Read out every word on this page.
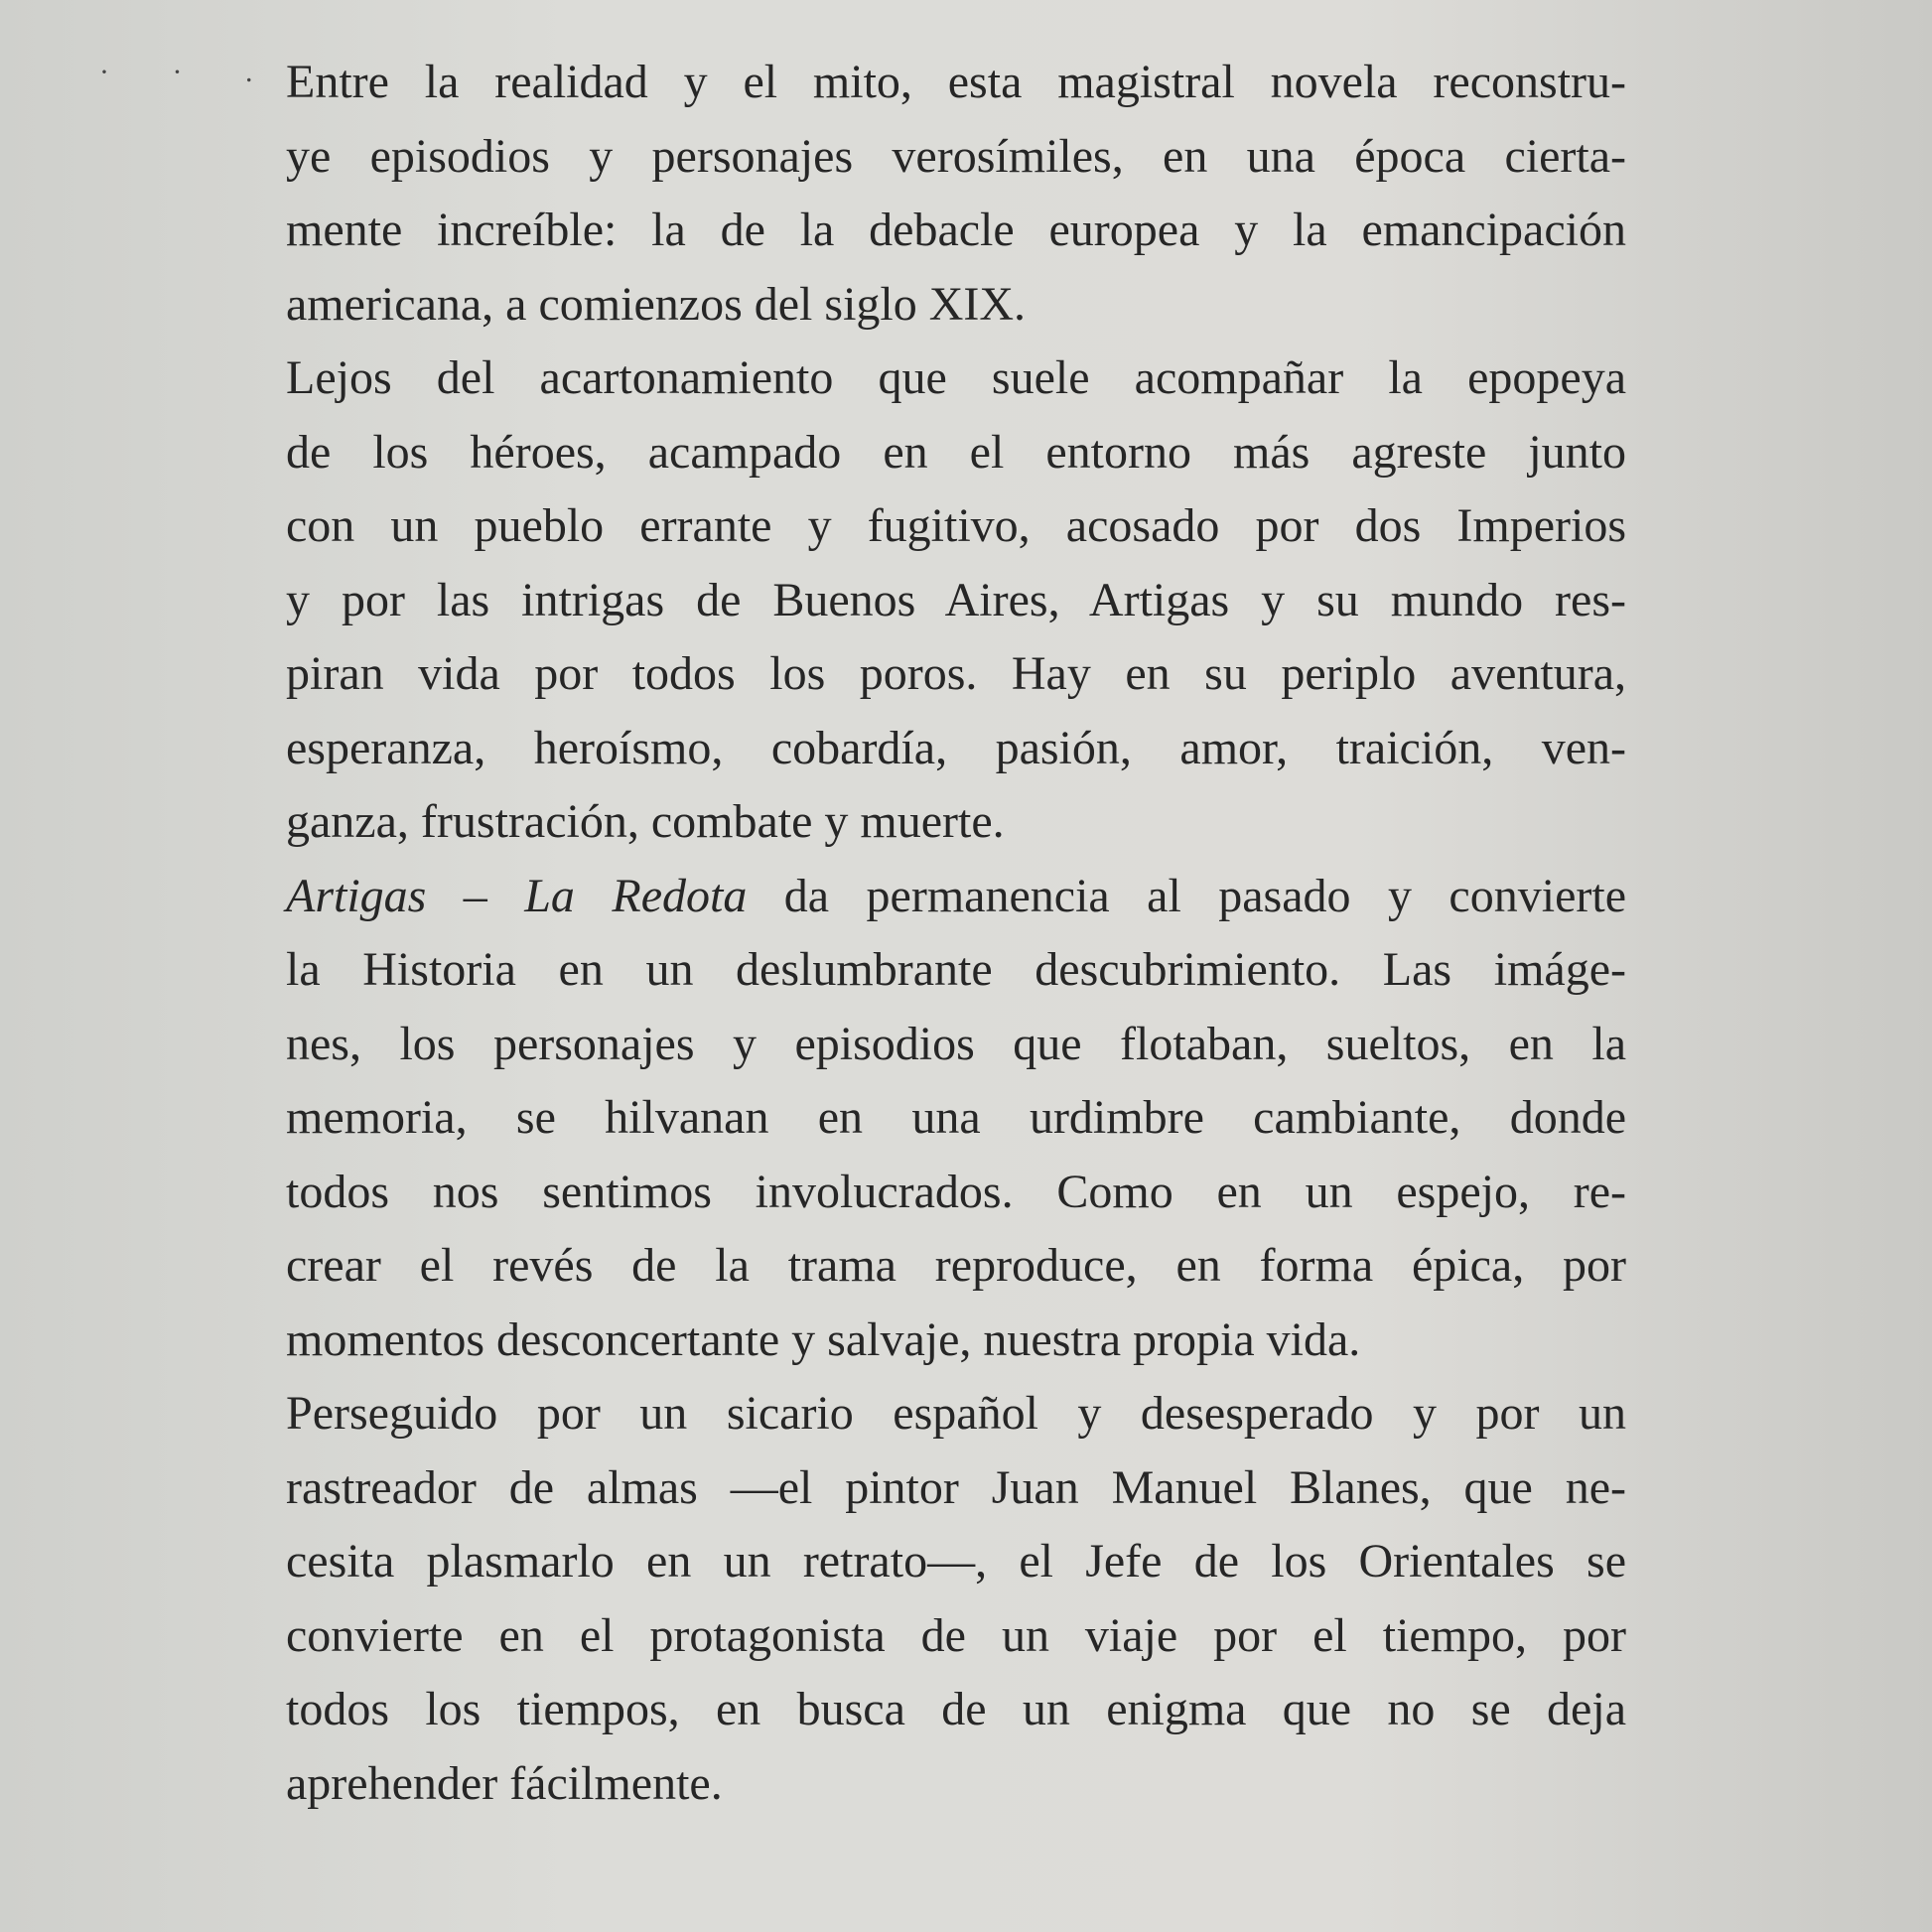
· · . Entre la realidad y el mito, esta magistral novela reconstru-
ye episodios y personajes verosímiles, en una época cierta-
mente increíble: la de la debacle europea y la emancipación
americana, a comienzos del siglo XIX.
Lejos del acartonamiento que suele acompañar la epopeya
de los héroes, acampado en el entorno más agreste junto
con un pueblo errante y fugitivo, acosado por dos Imperios
y por las intrigas de Buenos Aires, Artigas y su mundo res-
piran vida por todos los poros. Hay en su periplo aventura,
esperanza, heroísmo, cobardía, pasión, amor, traición, ven-
ganza, frustración, combate y muerte.
Artigas – La Redota da permanencia al pasado y convierte
la Historia en un deslumbrante descubrimiento. Las imáge-
nes, los personajes y episodios que flotaban, sueltos, en la
memoria, se hilvanan en una urdimbre cambiante, donde
todos nos sentimos involucrados. Como en un espejo, re-
crear el revés de la trama reproduce, en forma épica, por
momentos desconcertante y salvaje, nuestra propia vida.
Perseguido por un sicario español y desesperado y por un
rastreador de almas —el pintor Juan Manuel Blanes, que ne-
cesita plasmarlo en un retrato—, el Jefe de los Orientales se
convierte en el protagonista de un viaje por el tiempo, por
todos los tiempos, en busca de un enigma que no se deja
aprehender fácilmente.
